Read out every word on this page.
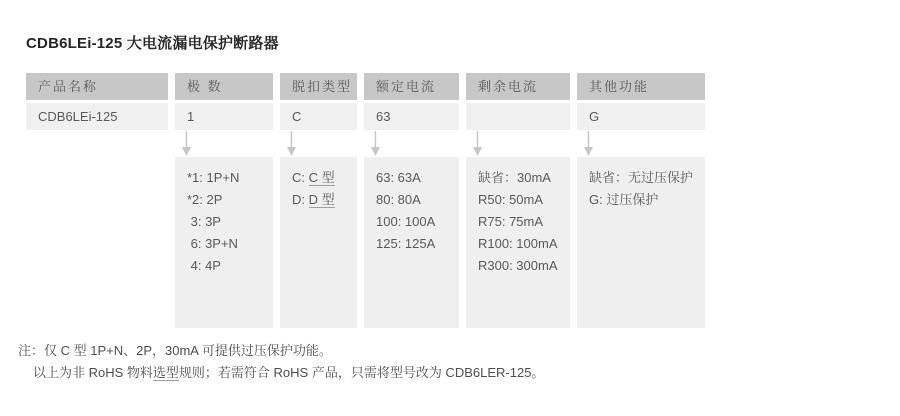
CDB6LEi-125 大电流漏电保护断路器
产品名称
CDB6LEi-125
极 数
1
*1: 1P+N
*2: 2P
3: 3P
6: 3P+N
4: 4P
脱扣类型
C
C: C 型
D: D 型
额定电流
63
63: 63A
80: 80A
100: 100A
125: 125A
剩余电流
缺省：30mA
R50: 50mA
R75: 75mA
R100: 100mA
R300: 300mA
其他功能
G
缺省：无过压保护
G: 过压保护
注：仅 C 型 1P+N、2P，30mA 可提供过压保护功能。
以上为非 RoHS 物料选型规则；若需符合 RoHS 产品，只需将型号改为 CDB6LER-125。
